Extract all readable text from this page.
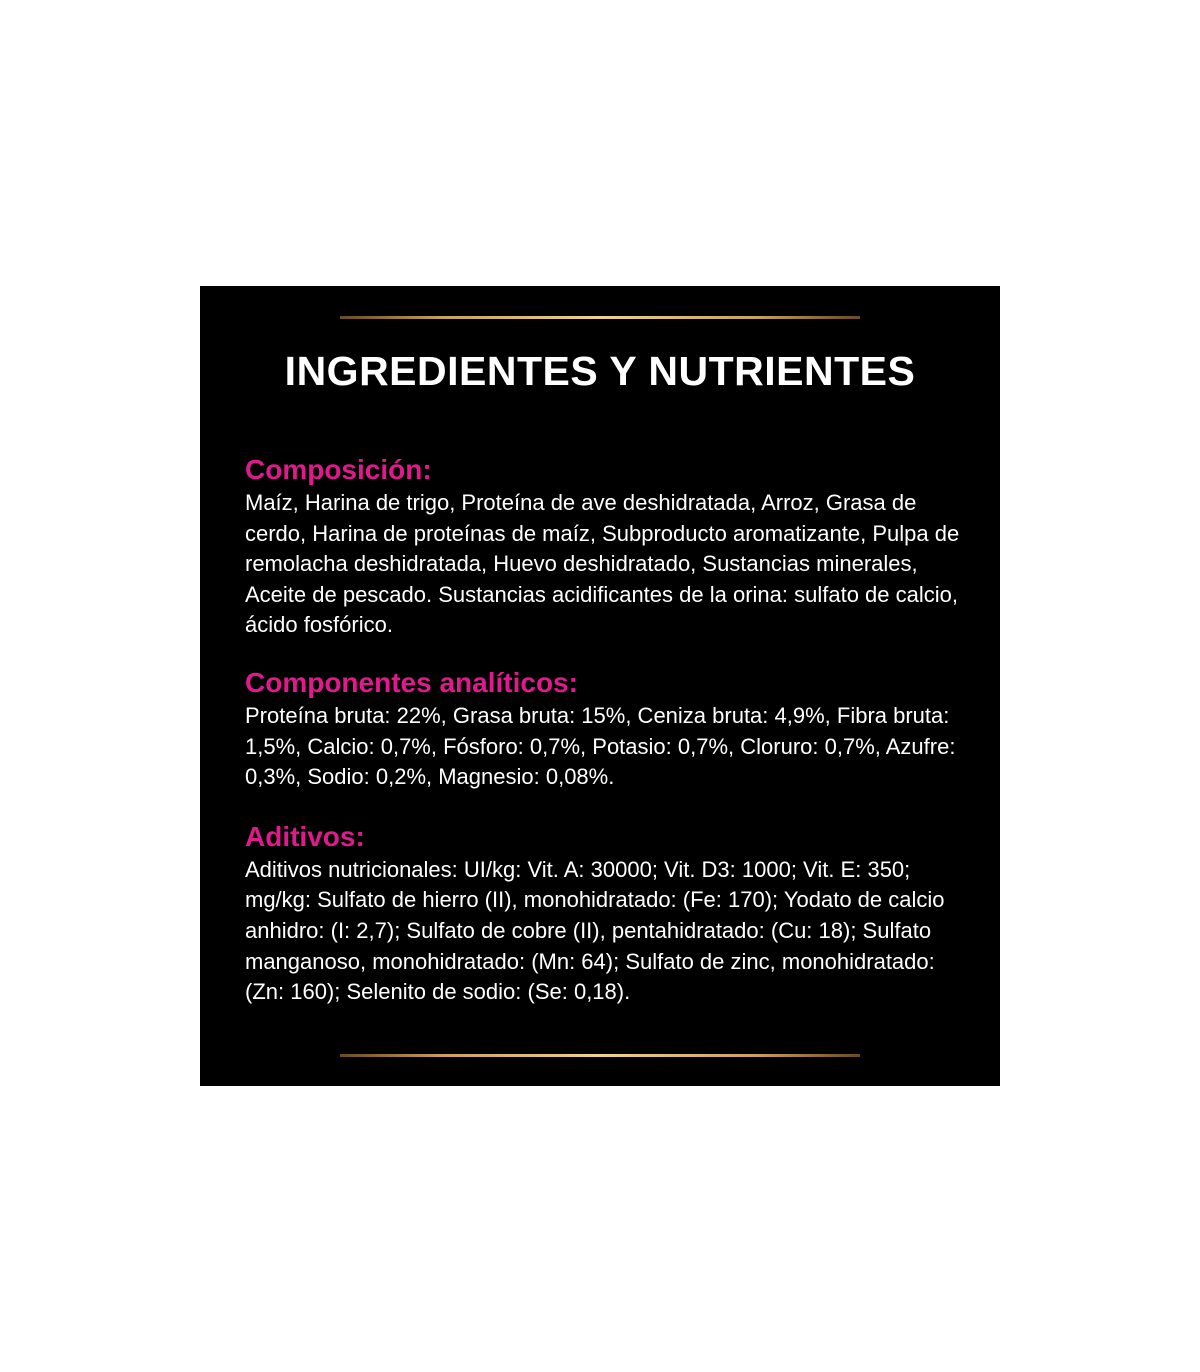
INGREDIENTES Y NUTRIENTES
Composición:

Maíz, Harina de trigo, Proteína de ave deshidratada, Arroz, Grasa de cerdo, Harina de proteínas de maíz, Subproducto aromatizante, Pulpa de remolacha deshidratada, Huevo deshidratado, Sustancias minerales, Aceite de pescado. Sustancias acidificantes de la orina: sulfato de calcio, ácido fosfórico.

Componentes analíticos:

Proteína bruta: 22%, Grasa bruta: 15%, Ceniza bruta: 4,9%, Fibra bruta: 1,5%, Calcio: 0,7%, Fósforo: 0,7%, Potasio: 0,7%, Cloruro: 0,7%, Azufre: 0,3%, Sodio: 0,2%, Magnesio: 0,08%.

Aditivos:

Aditivos nutricionales: UI/kg: Vit. A: 30000; Vit. D3: 1000; Vit. E: 350; mg/kg: Sulfato de hierro (II), monohidratado: (Fe: 170); Yodato de calcio anhidro: (I: 2,7); Sulfato de cobre (II), pentahidratado: (Cu: 18); Sulfato manganoso, monohidratado: (Mn: 64); Sulfato de zinc, monohidratado: (Zn: 160); Selenito de sodio: (Se: 0,18).
